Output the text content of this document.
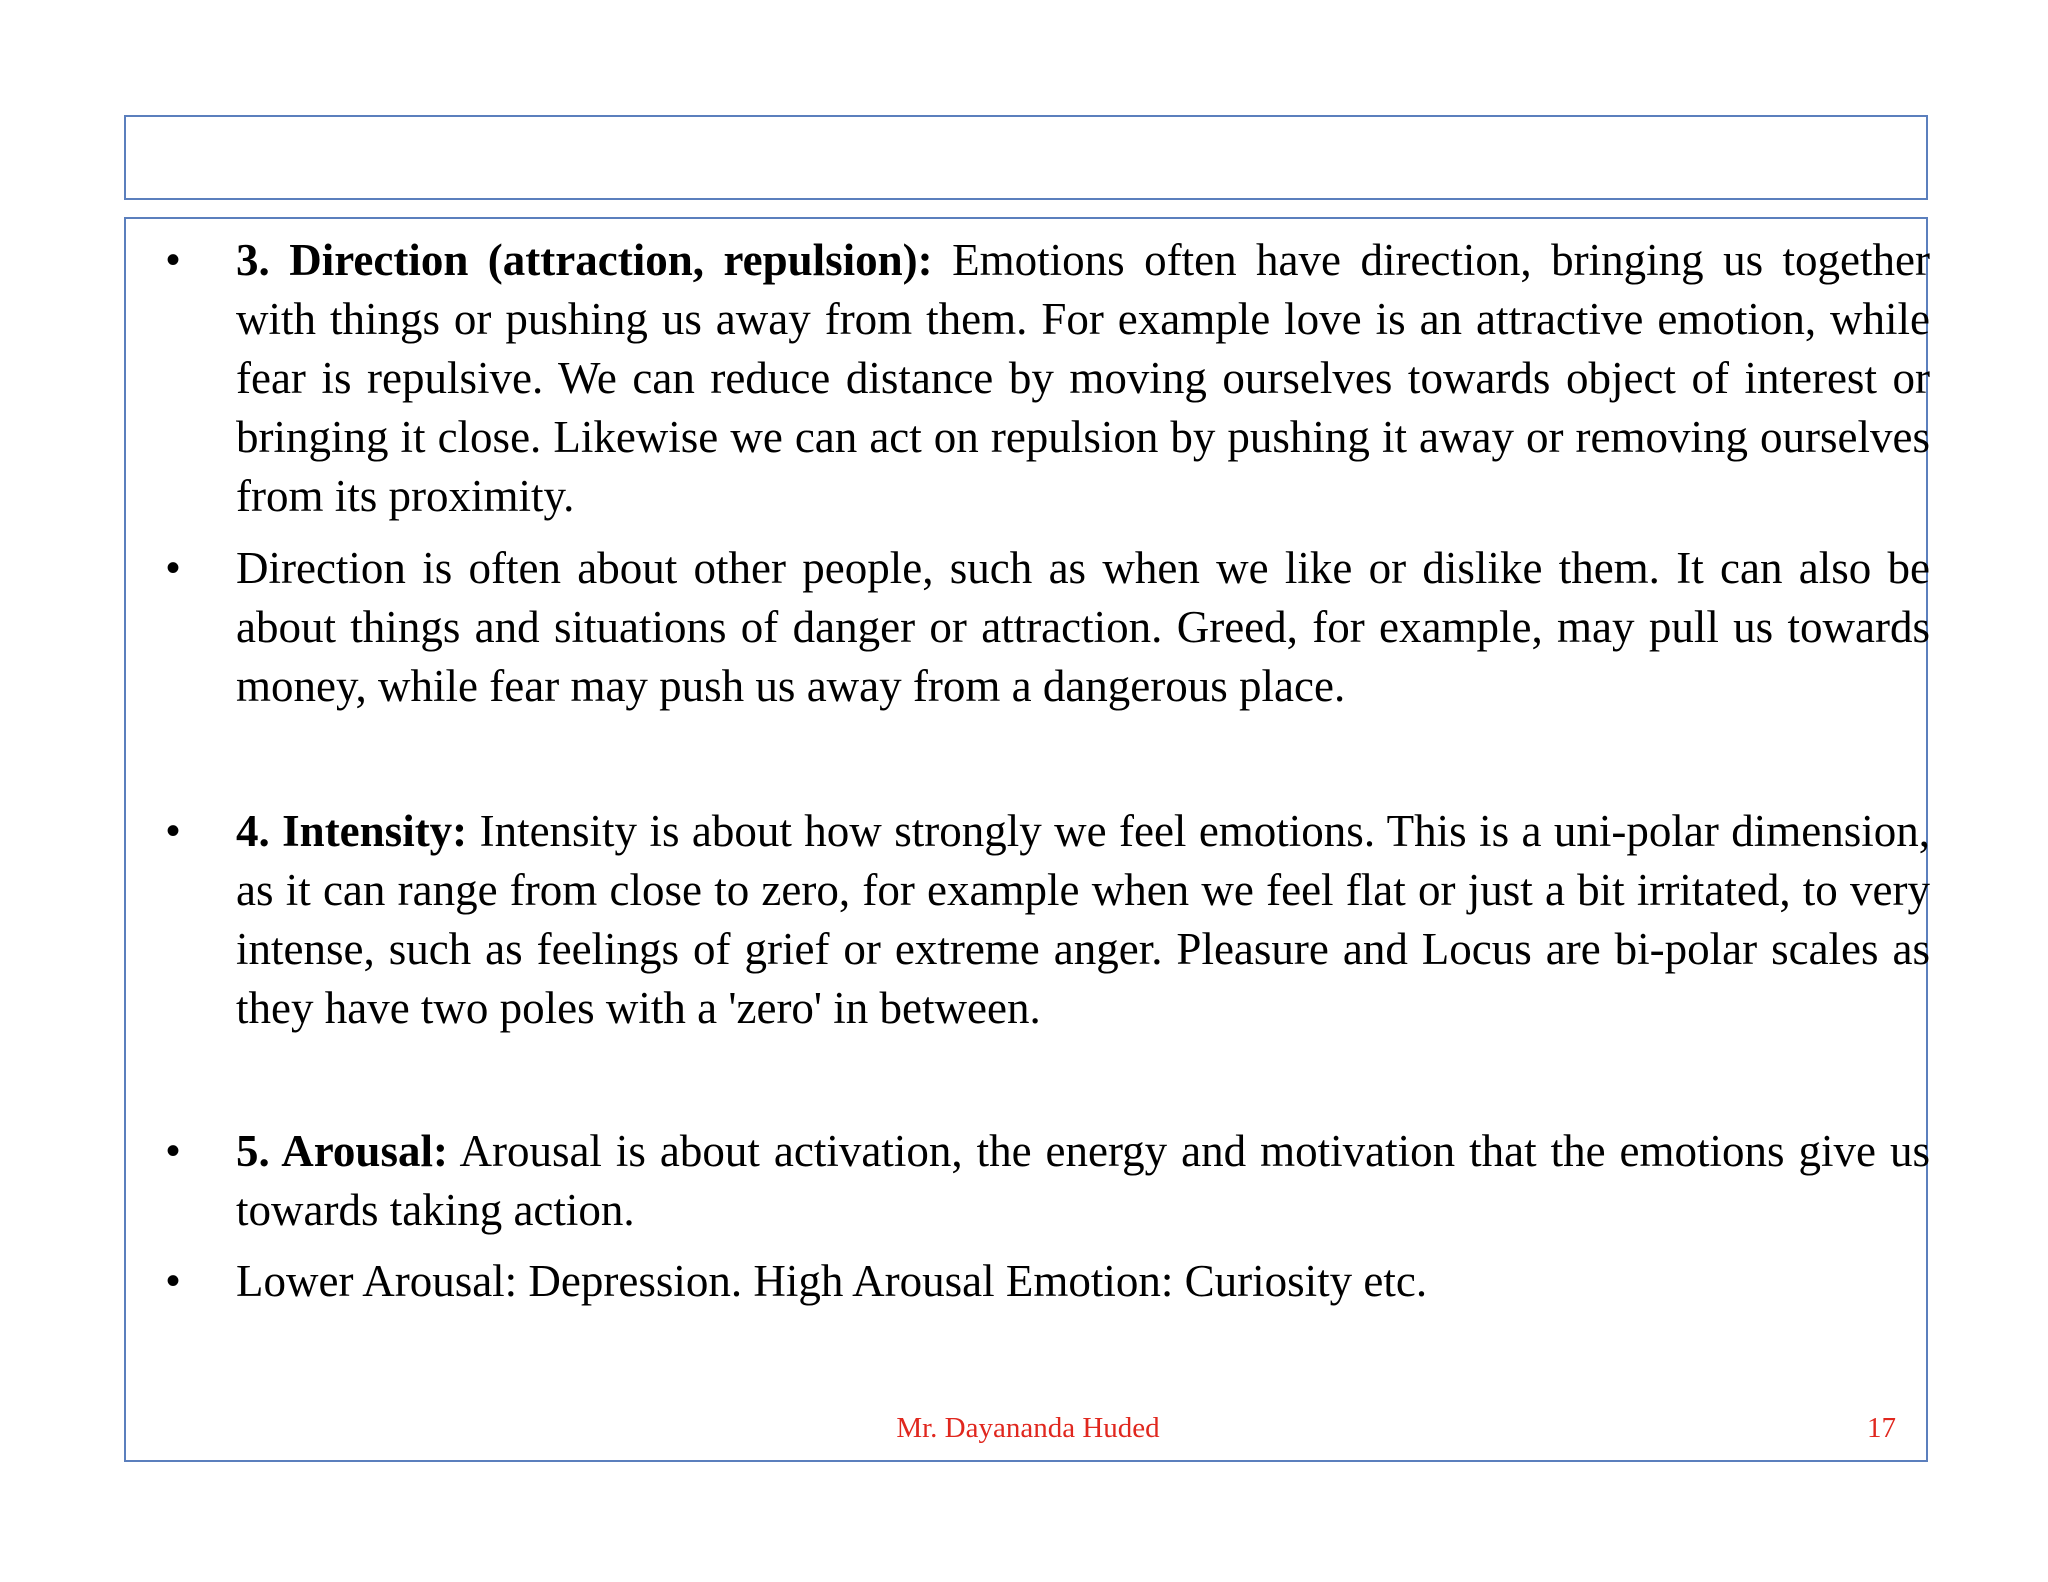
• 3. Direction (attraction, repulsion): Emotions often have direction, bringing us together with things or pushing us away from them. For example love is an attractive emotion, while fear is repulsive. We can reduce distance by moving ourselves towards object of interest or bringing it close. Likewise we can act on repulsion by pushing it away or removing ourselves from its proximity.
• Direction is often about other people, such as when we like or dislike them. It can also be about things and situations of danger or attraction. Greed, for example, may pull us towards money, while fear may push us away from a dangerous place.
• 4. Intensity: Intensity is about how strongly we feel emotions. This is a uni-polar dimension, as it can range from close to zero, for example when we feel flat or just a bit irritated, to very intense, such as feelings of grief or extreme anger. Pleasure and Locus are bi-polar scales as they have two poles with a 'zero' in between.
• 5. Arousal: Arousal is about activation, the energy and motivation that the emotions give us towards taking action.
• Lower Arousal: Depression. High Arousal Emotion: Curiosity etc.
Mr. Dayananda Huded	17
